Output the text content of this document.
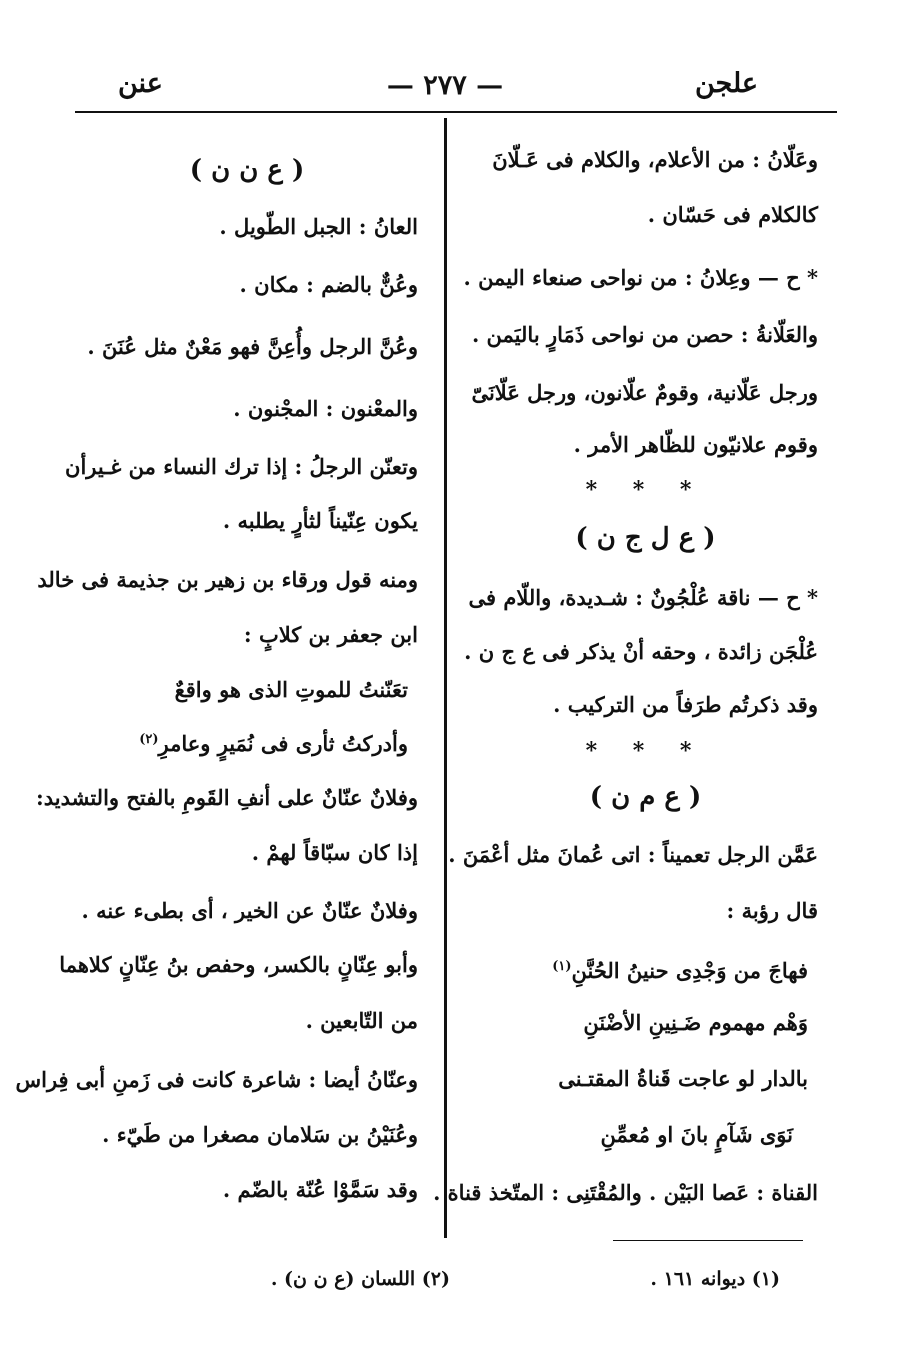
علجن
— ٢٧٧ —
عنن
وعَلّانُ : من الأعلام، والكلام فى عَـلّانَ
كالكلام فى حَسّان .
* ح — وعِلانُ : من نواحى صنعاء اليمن .
والعَلّانةُ : حصن من نواحى ذَمَارٍ باليَمن .
ورجل عَلّانية، وقومٌ علّانون، ورجل عَلّانَىّ
وقوم علانيّون للظّاهر الأمر .
* * *
( ع ل ج ن )
* ح — ناقة عُلْجُونٌ : شـديدة، واللّام فى
عُلْجَن زائدة ، وحقه أنْ يذكر فى ع ج ن .
وقد ذكرتُم طرَفاً من التركيب .
* * *
( ع م ن )
عَمَّن الرجل تعميناً : اتى عُمانَ مثل أعْمَنَ .
قال رؤبة :
فهاجَ من وَجْدِى حنينُ الحُنَّنِ$^{(١)}$
وَهْم مهموم ضَـنِينِ الأضْنَنِ
بالدار لو عاجت قَناةُ المقتـنى
نَوَى شَآمٍ بانَ او مُعمِّنِ
القناة : عَصا البَيْن . والمُقْتَنِى : المتّخذ قناة .
( ع ن ن )
العانُ : الجبل الطّويل .
وعُنٌّ بالضم : مكان .
وعُنَّ الرجل وأُعِنَّ فهو مَعْنٌ مثل عُنَنَ .
والمعْنون : المجْنون .
وتعنّن الرجلُ : إذا ترك النساء من غـيرأن
يكون عِنّيناً لثأرٍ يطلبه .
ومنه قول ورقاء بن زهير بن جذيمة فى خالد
ابن جعفر بن كلابٍ :
تعَنّنتُ للموتِ الذى هو واقعٌ
وأدركتُ ثأرى فى نُمَيرٍ وعامرِ$^{(٢)}$
وفلانٌ عنّانٌ على أنفِ القَومِ بالفتح والتشديد:
إذا كان سبّاقاً لهمْ .
وفلانٌ عنّانٌ عن الخير ، أى بطىء عنه .
وأبو عِنّانٍ بالكسر، وحفص بنُ عِنّانٍ كلاهما
من التّابعين .
وعنّانُ أيضا : شاعرة كانت فى زَمنِ أبى فِراس
وعُنَيْنُ بن سَلامان مصغرا من طَيّء .
وقد سَمَّوْا عُنّة بالضّم .
(١) ديوانه ١٦١ .
(٢) اللسان (ع ن ن) .
